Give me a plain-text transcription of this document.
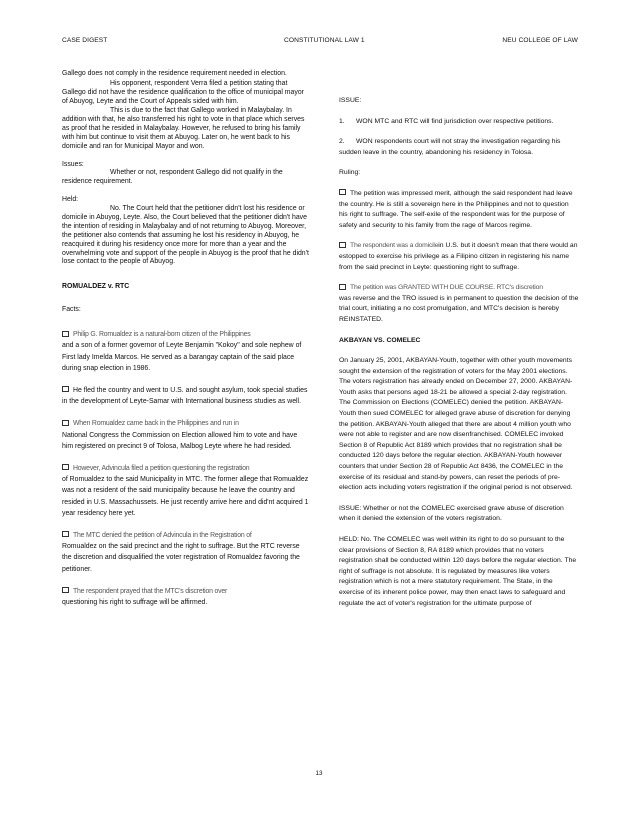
CASE DIGEST	CONSTITUTIONAL LAW 1	NEU COLLEGE OF LAW

Gallego does not comply in the residence requirement needed in election.

His opponent, respondent Verra filed a petition stating that Gallego did not have the residence qualification to the office of municipal mayor of Abuyog, Leyte and the Court of Appeals sided with him.

This is due to the fact that Gallego worked in Malaybalay. In addition with that, he also transferred his right to vote in that place which serves as proof that he resided in Malaybalay. However, he refused to bring his family with him but continue to visit them at Abuyog. Later on, he went back to his domicile and ran for Municipal Mayor and won.

Issues:

Whether or not, respondent Gallego did not qualify in the residence requirement.

Held:

No. The Court held that the petitioner didn't lost his residence or domicile in Abuyog, Leyte. Also, the Court believed that the petitioner didn't have the intention of residing in Malaybalay and of not returning to Abuyog. Moreover, the petitioner also contends that assuming he lost his residency in Abuyog, he reacquired it during his residency once more for more than a year and the overwhelming vote and support of the people in Abuyog is the proof that he didn't lose contact to the people of Abuyog.

ROMUALDEZ v. RTC

Facts:

Philip G. Romualdez is a natural-born citizen of the Philippines
and a son of a former governor of Leyte Benjamin "Kokoy" and sole nephew of First lady Imelda Marcos. He served as a barangay captain of the said place during snap election in 1986.

He fled the country and went to U.S. and sought asylum, took special studies in the development of Leyte-Samar with International business studies as well.

When Romualdez came back in the Philippines and run in
National Congress the Commission on Election allowed him to vote and have him registered on precinct 9 of Tolosa, Malbog Leyte where he had resided.

However, Advincula filed a petition questioning the registration
of Romualdez to the said Municipality in MTC. The former allege that Romualdez was not a resident of the said municipality because he leave the country and resided in U.S. Massachussets. He just recently arrive here and did'nt acquired 1 year residency here yet.

The MTC denied the petition of Advincula in the Registration of
Romualdez on the said precinct and the right to suffrage. But the RTC reverse the discretion and disqualified the voter registration of Romualdez favoring the petitioner.

The respondent prayed that the MTC's discretion over
questioning his right to suffrage will be affirmed.

ISSUE:

1. WON MTC and RTC will find jurisdiction over respective petitions.

2. WON respondents court will not stray the investigation regarding his sudden leave in the country, abandoning his residency in Tolosa.

Ruling:

The petition was impressed merit, although the said respondent had leave the country. He is still a sovereign here in the Philippines and not to question his right to suffrage. The self-exile of the respondent was for the purpose of safety and security to his family from the rage of Marcos regime.

The respondent was a domicilein U.S. but it doesn't mean that there would an estopped to exercise his privilege as a Filipino citizen in registering his name from the said precinct in Leyte: questioning right to suffrage.

The petition was GRANTED WITH DUE COURSE. RTC's discretion
was reverse and the TRO issued is in permanent to question the decision of the trial court, initiating a no cost promulgation, and MTC's decision is hereby REINSTATED.

AKBAYAN VS. COMELEC

On January 25, 2001, AKBAYAN-Youth, together with other youth movements sought the extension of the registration of voters for the May 2001 elections. The voters registration has already ended on December 27, 2000. AKBAYAN-Youth asks that persons aged 18-21 be allowed a special 2-day registration. The Commission on Elections (COMELEC) denied the petition. AKBAYAN-Youth then sued COMELEC for alleged grave abuse of discretion for denying the petition. AKBAYAN-Youth alleged that there are about 4 million youth who were not able to register and are now disenfranchised. COMELEC invoked Section 8 of Republic Act 8189 which provides that no registration shall be conducted 120 days before the regular election. AKBAYAN-Youth however counters that under Section 28 of Republic Act 8436, the COMELEC in the exercise of its residual and stand-by powers, can reset the periods of pre-election acts including voters registration if the original period is not observed.

ISSUE: Whether or not the COMELEC exercised grave abuse of discretion when it denied the extension of the voters registration.

HELD: No. The COMELEC was well within its right to do so pursuant to the clear provisions of Section 8, RA 8189 which provides that no voters registration shall be conducted within 120 days before the regular election. The right of suffrage is not absolute. It is regulated by measures like voters registration which is not a mere statutory requirement. The State, in the exercise of its inherent police power, may then enact laws to safeguard and regulate the act of voter's registration for the ultimate purpose of

13
